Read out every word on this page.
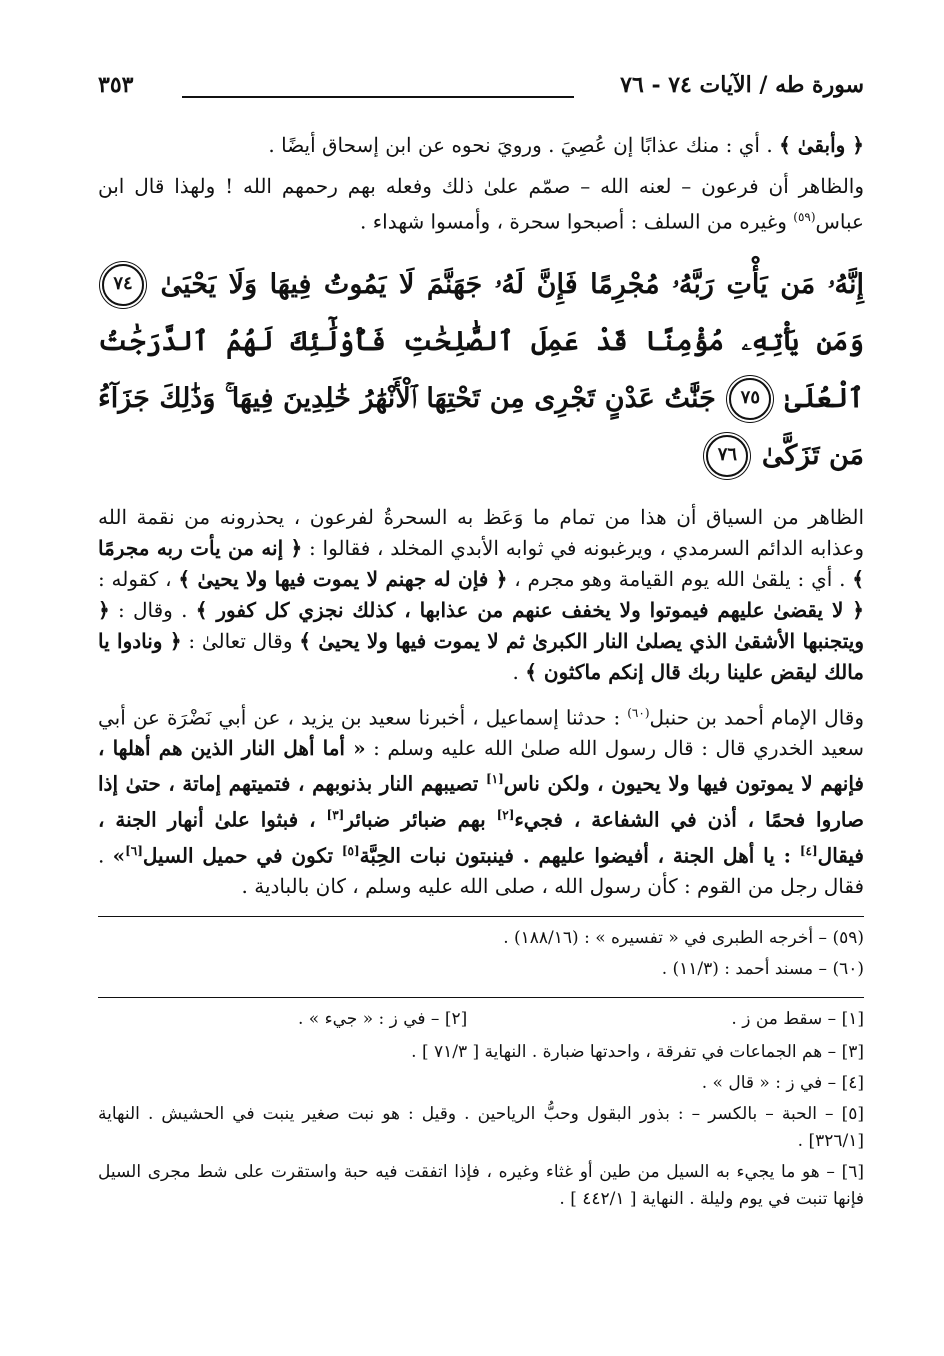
سورة طه / الآيات ٧٤ - ٧٦
٣٥٣

﴿ وأبقىٰ ﴾ . أي : منك عذابًا إن عُصِيَ . ورويَ نحوه عن ابن إسحاق أيضًا .

والظاهر أن فرعون – لعنه الله – صمّم علىٰ ذلك وفعله بهم رحمهم الله ! ولهذا قال ابن عباس$^{(٥٩)}$ وغيره من السلف : أصبحوا سحرة ، وأمسوا شهداء .

إِنَّهُۥ مَن يَأْتِ رَبَّهُۥ مُجْرِمًا فَإِنَّ لَهُۥ جَهَنَّمَ لَا يَمُوتُ فِيهَا وَلَا يَحْيَىٰ ٧٤ وَمَن يَأْتِهِۦ مُؤْمِنًا قَدْ عَمِلَ ٱلصَّٰلِحَٰتِ فَأُوْلَٰٓئِكَ لَهُمُ ٱلدَّرَجَٰتُ ٱلْعُلَىٰ ٧٥ جَنَّٰتُ عَدْنٍ تَجْرِى مِن تَحْتِهَا ٱلْأَنْهَٰرُ خَٰلِدِينَ فِيهَا ۚ وَذَٰلِكَ جَزَآءُ مَن تَزَكَّىٰ ٧٦

الظاهر من السياق أن هذا من تمام ما وَعَظ به السحرةُ لفرعون ، يحذرونه من نقمة الله وعذابه الدائم السرمدي ، ويرغبونه في ثوابه الأبدي المخلد ، فقالوا : ﴿ إنه من يأت ربه مجرمًا ﴾ . أي : يلقىٰ الله يوم القيامة وهو مجرم ، ﴿ فإن له جهنم لا يموت فيها ولا يحيىٰ ﴾ ، كقوله : ﴿ لا يقضىٰ عليهم فيموتوا ولا يخفف عنهم من عذابها ، كذلك نجزي كل كفور ﴾ . وقال : ﴿ ويتجنبها الأشقىٰ الذي يصلىٰ النار الكبرىٰ ثم لا يموت فيها ولا يحيىٰ ﴾ وقال تعالىٰ : ﴿ ونادوا يا مالك ليقض علينا ربك قال إنكم ماكثون ﴾ .

وقال الإمام أحمد بن حنبل$^{(٦٠)}$ : حدثنا إسماعيل ، أخبرنا سعيد بن يزيد ، عن أبي نَضْرَة عن أبي سعيد الخدري قال : قال رسول الله صلىٰ الله عليه وسلم : « أما أهل النار الذين هم أهلها ، فإنهم لا يموتون فيها ولا يحيون ، ولكن ناس[١] تصيبهم النار بذنوبهم ، فتميتهم إماتة ، حتىٰ إذا صاروا فحمًا ، أذن في الشفاعة ، فجيء[٢] بهم ضبائر ضبائر[٣] ، فبثوا علىٰ أنهار الجنة ، فيقال[٤] : يا أهل الجنة ، أفيضوا عليهم . فينبتون نبات الحِبَّة[٥] تكون في حميل السيل[٦]» . فقال رجل من القوم : كأن رسول الله ، صلى الله عليه وسلم ، كان بالبادية .

(٥٩) – أخرجه الطبرى في « تفسيره » : (١٨٨/١٦) .

(٦٠) – مسند أحمد : (١١/٣) .

[١] – سقط من ز .
[٢] – في ز : « جيء » .

[٣] – هم الجماعات في تفرقة ، واحدتها ضبارة . النهاية [ ٧١/٣ ] .

[٤] – في ز : « قال » .

[٥] – الحبة – بالكسر – : بذور البقول وحبُّ الرياحين . وقيل : هو نبت صغير ينبت في الحشيش . النهاية [٣٢٦/١] .

[٦] – هو ما يجيء به السيل من طين أو غثاء وغيره ، فإذا اتفقت فيه حبة واستقرت على شط مجرى السيل فإنها تنبت في يوم وليلة . النهاية [ ٤٤٢/١ ] .
